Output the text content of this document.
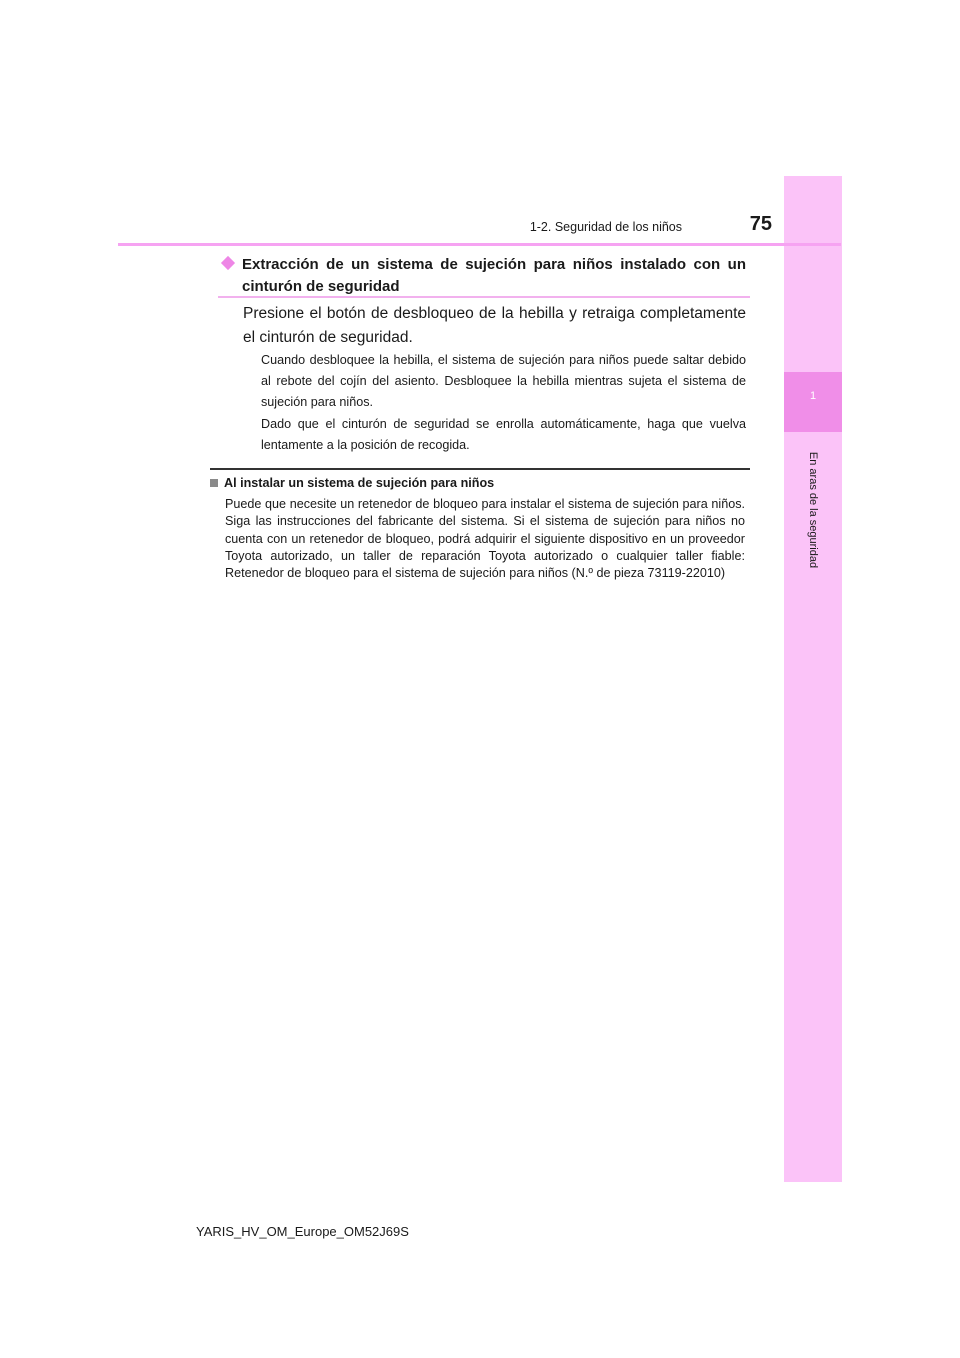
1
En aras de la seguridad
1-2. Seguridad de los niños	75
Extracción de un sistema de sujeción para niños instalado con un cinturón de seguridad
Presione el botón de desbloqueo de la hebilla y retraiga completamente el cinturón de seguridad.
Cuando desbloquee la hebilla, el sistema de sujeción para niños puede saltar debido al rebote del cojín del asiento. Desbloquee la hebilla mientras sujeta el sistema de sujeción para niños.
Dado que el cinturón de seguridad se enrolla automáticamente, haga que vuelva lentamente a la posición de recogida.
Al instalar un sistema de sujeción para niños
Puede que necesite un retenedor de bloqueo para instalar el sistema de sujeción para niños. Siga las instrucciones del fabricante del sistema. Si el sistema de sujeción para niños no cuenta con un retenedor de bloqueo, podrá adquirir el siguiente dispositivo en un proveedor Toyota autorizado, un taller de reparación Toyota autorizado o cualquier taller fiable: Retenedor de bloqueo para el sistema de sujeción para niños (N.º de pieza 73119-22010)
YARIS_HV_OM_Europe_OM52J69S
